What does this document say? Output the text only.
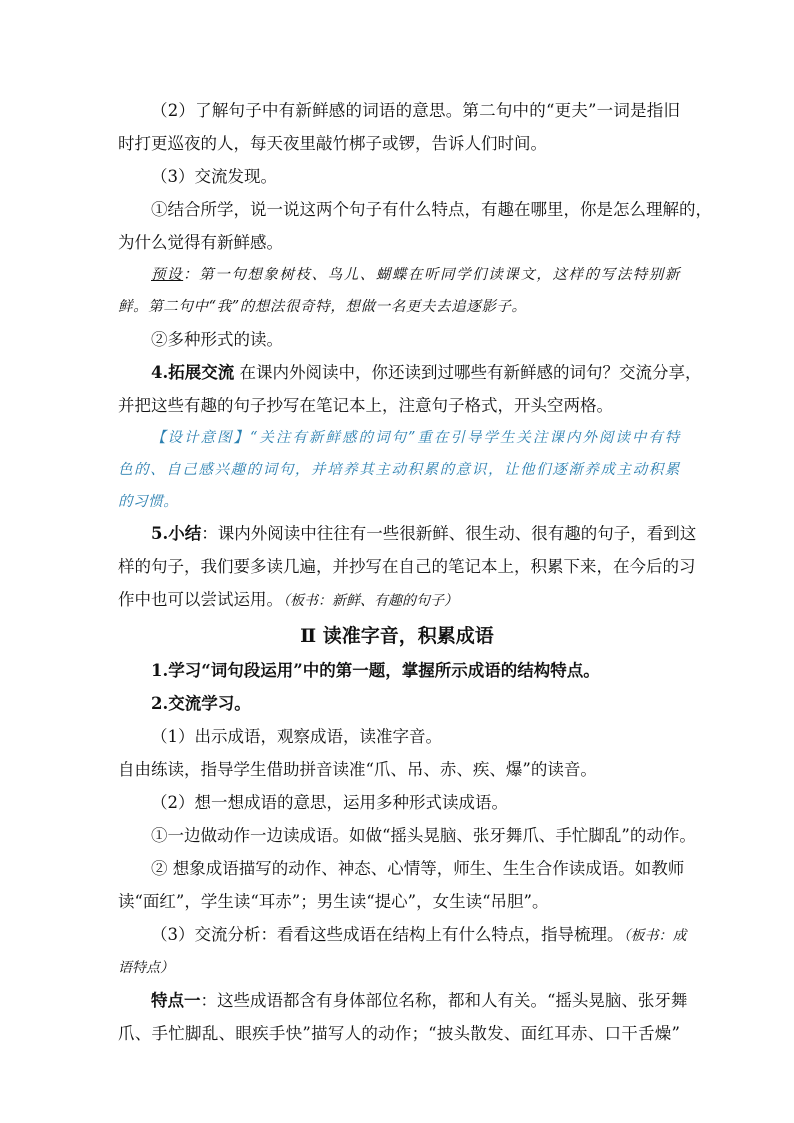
（2）了解句子中有新鲜感的词语的意思。第二句中的“更夫”一词是指旧
时打更巡夜的人，每天夜里敲竹梆子或锣，告诉人们时间。
（3）交流发现。
①结合所学，说一说这两个句子有什么特点，有趣在哪里，你是怎么理解的，
为什么觉得有新鲜感。
预设：第一句想象树枝、鸟儿、蝴蝶在听同学们读课文，这样的写法特别新
鲜。第二句中“我”的想法很奇特，想做一名更夫去追逐影子。
②多种形式的读。
4.拓展交流 在课内外阅读中，你还读到过哪些有新鲜感的词句？交流分享，
并把这些有趣的句子抄写在笔记本上，注意句子格式，开头空两格。
【设计意图】“关注有新鲜感的词句”重在引导学生关注课内外阅读中有特
色的、自己感兴趣的词句，并培养其主动积累的意识，让他们逐渐养成主动积累
的习惯。
5.小结：课内外阅读中往往有一些很新鲜、很生动、很有趣的句子，看到这
样的句子，我们要多读几遍，并抄写在自己的笔记本上，积累下来，在今后的习
作中也可以尝试运用。（板书：新鲜、有趣的句子）
Ⅱ 读准字音，积累成语
1.学习“词句段运用”中的第一题，掌握所示成语的结构特点。
2.交流学习。
（1）出示成语，观察成语，读准字音。
自由练读，指导学生借助拼音读准“爪、吊、赤、疾、爆”的读音。
（2）想一想成语的意思，运用多种形式读成语。
①一边做动作一边读成语。如做“摇头晃脑、张牙舞爪、手忙脚乱”的动作。
② 想象成语描写的动作、神态、心情等，师生、生生合作读成语。如教师
读“面红”，学生读“耳赤”；男生读“提心”，女生读“吊胆”。
（3）交流分析：看看这些成语在结构上有什么特点，指导梳理。（板书：成
语特点）
特点一：这些成语都含有身体部位名称，都和人有关。“摇头晃脑、张牙舞
爪、手忙脚乱、眼疾手快”描写人的动作；“披头散发、面红耳赤、口干舌燥”
